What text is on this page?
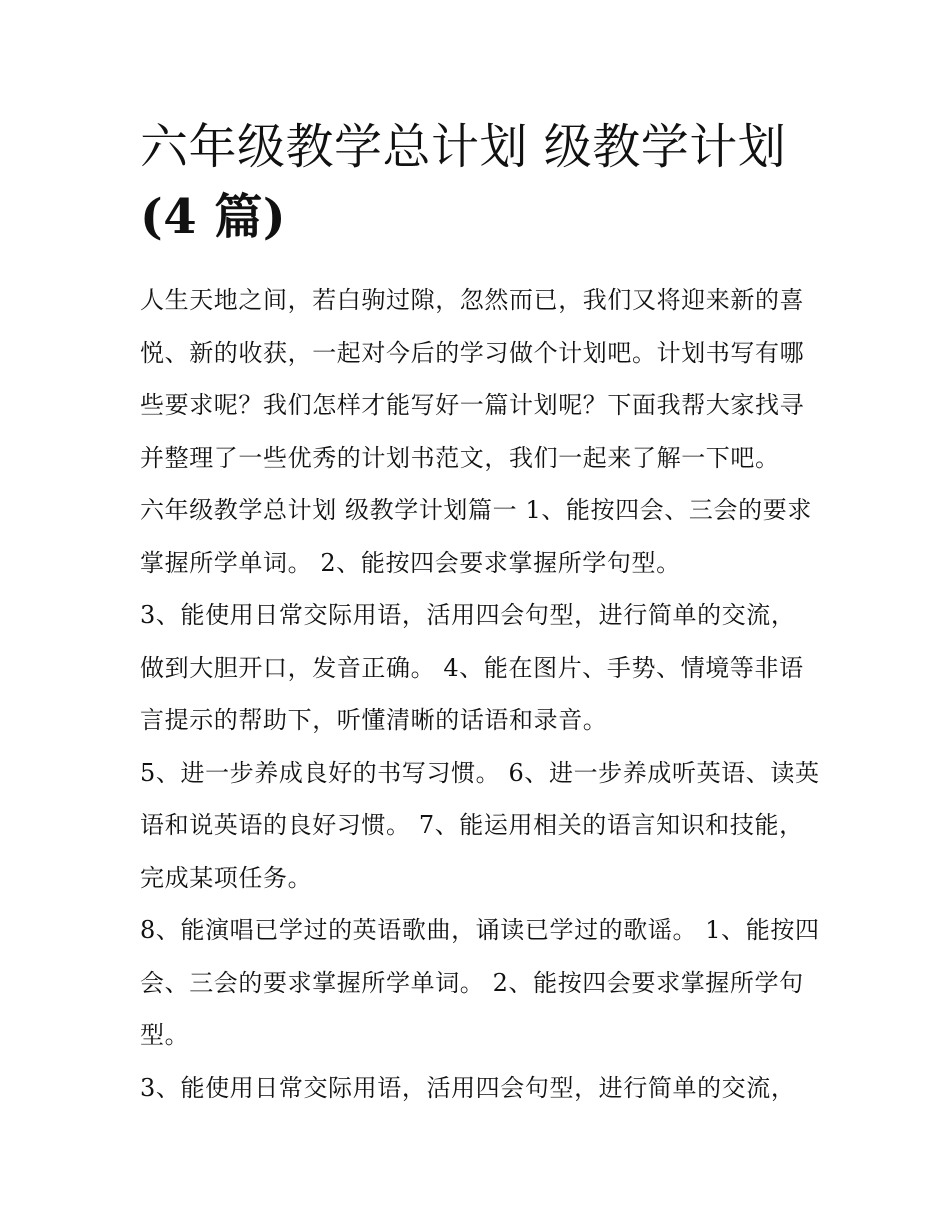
六年级教学总计划 级教学计划
(4 篇)

人生天地之间，若白驹过隙，忽然而已，我们又将迎来新的喜悦、新的收获，一起对今后的学习做个计划吧。计划书写有哪些要求呢？我们怎样才能写好一篇计划呢？下面我帮大家找寻并整理了一些优秀的计划书范文，我们一起来了解一下吧。

六年级教学总计划 级教学计划篇一 1、能按四会、三会的要求掌握所学单词。 2、能按四会要求掌握所学句型。

3、能使用日常交际用语，活用四会句型，进行简单的交流，做到大胆开口，发音正确。 4、能在图片、手势、情境等非语言提示的帮助下，听懂清晰的话语和录音。

5、进一步养成良好的书写习惯。 6、进一步养成听英语、读英语和说英语的良好习惯。 7、能运用相关的语言知识和技能，完成某项任务。

8、能演唱已学过的英语歌曲，诵读已学过的歌谣。 1、能按四会、三会的要求掌握所学单词。 2、能按四会要求掌握所学句型。

3、能使用日常交际用语，活用四会句型，进行简单的交流，
